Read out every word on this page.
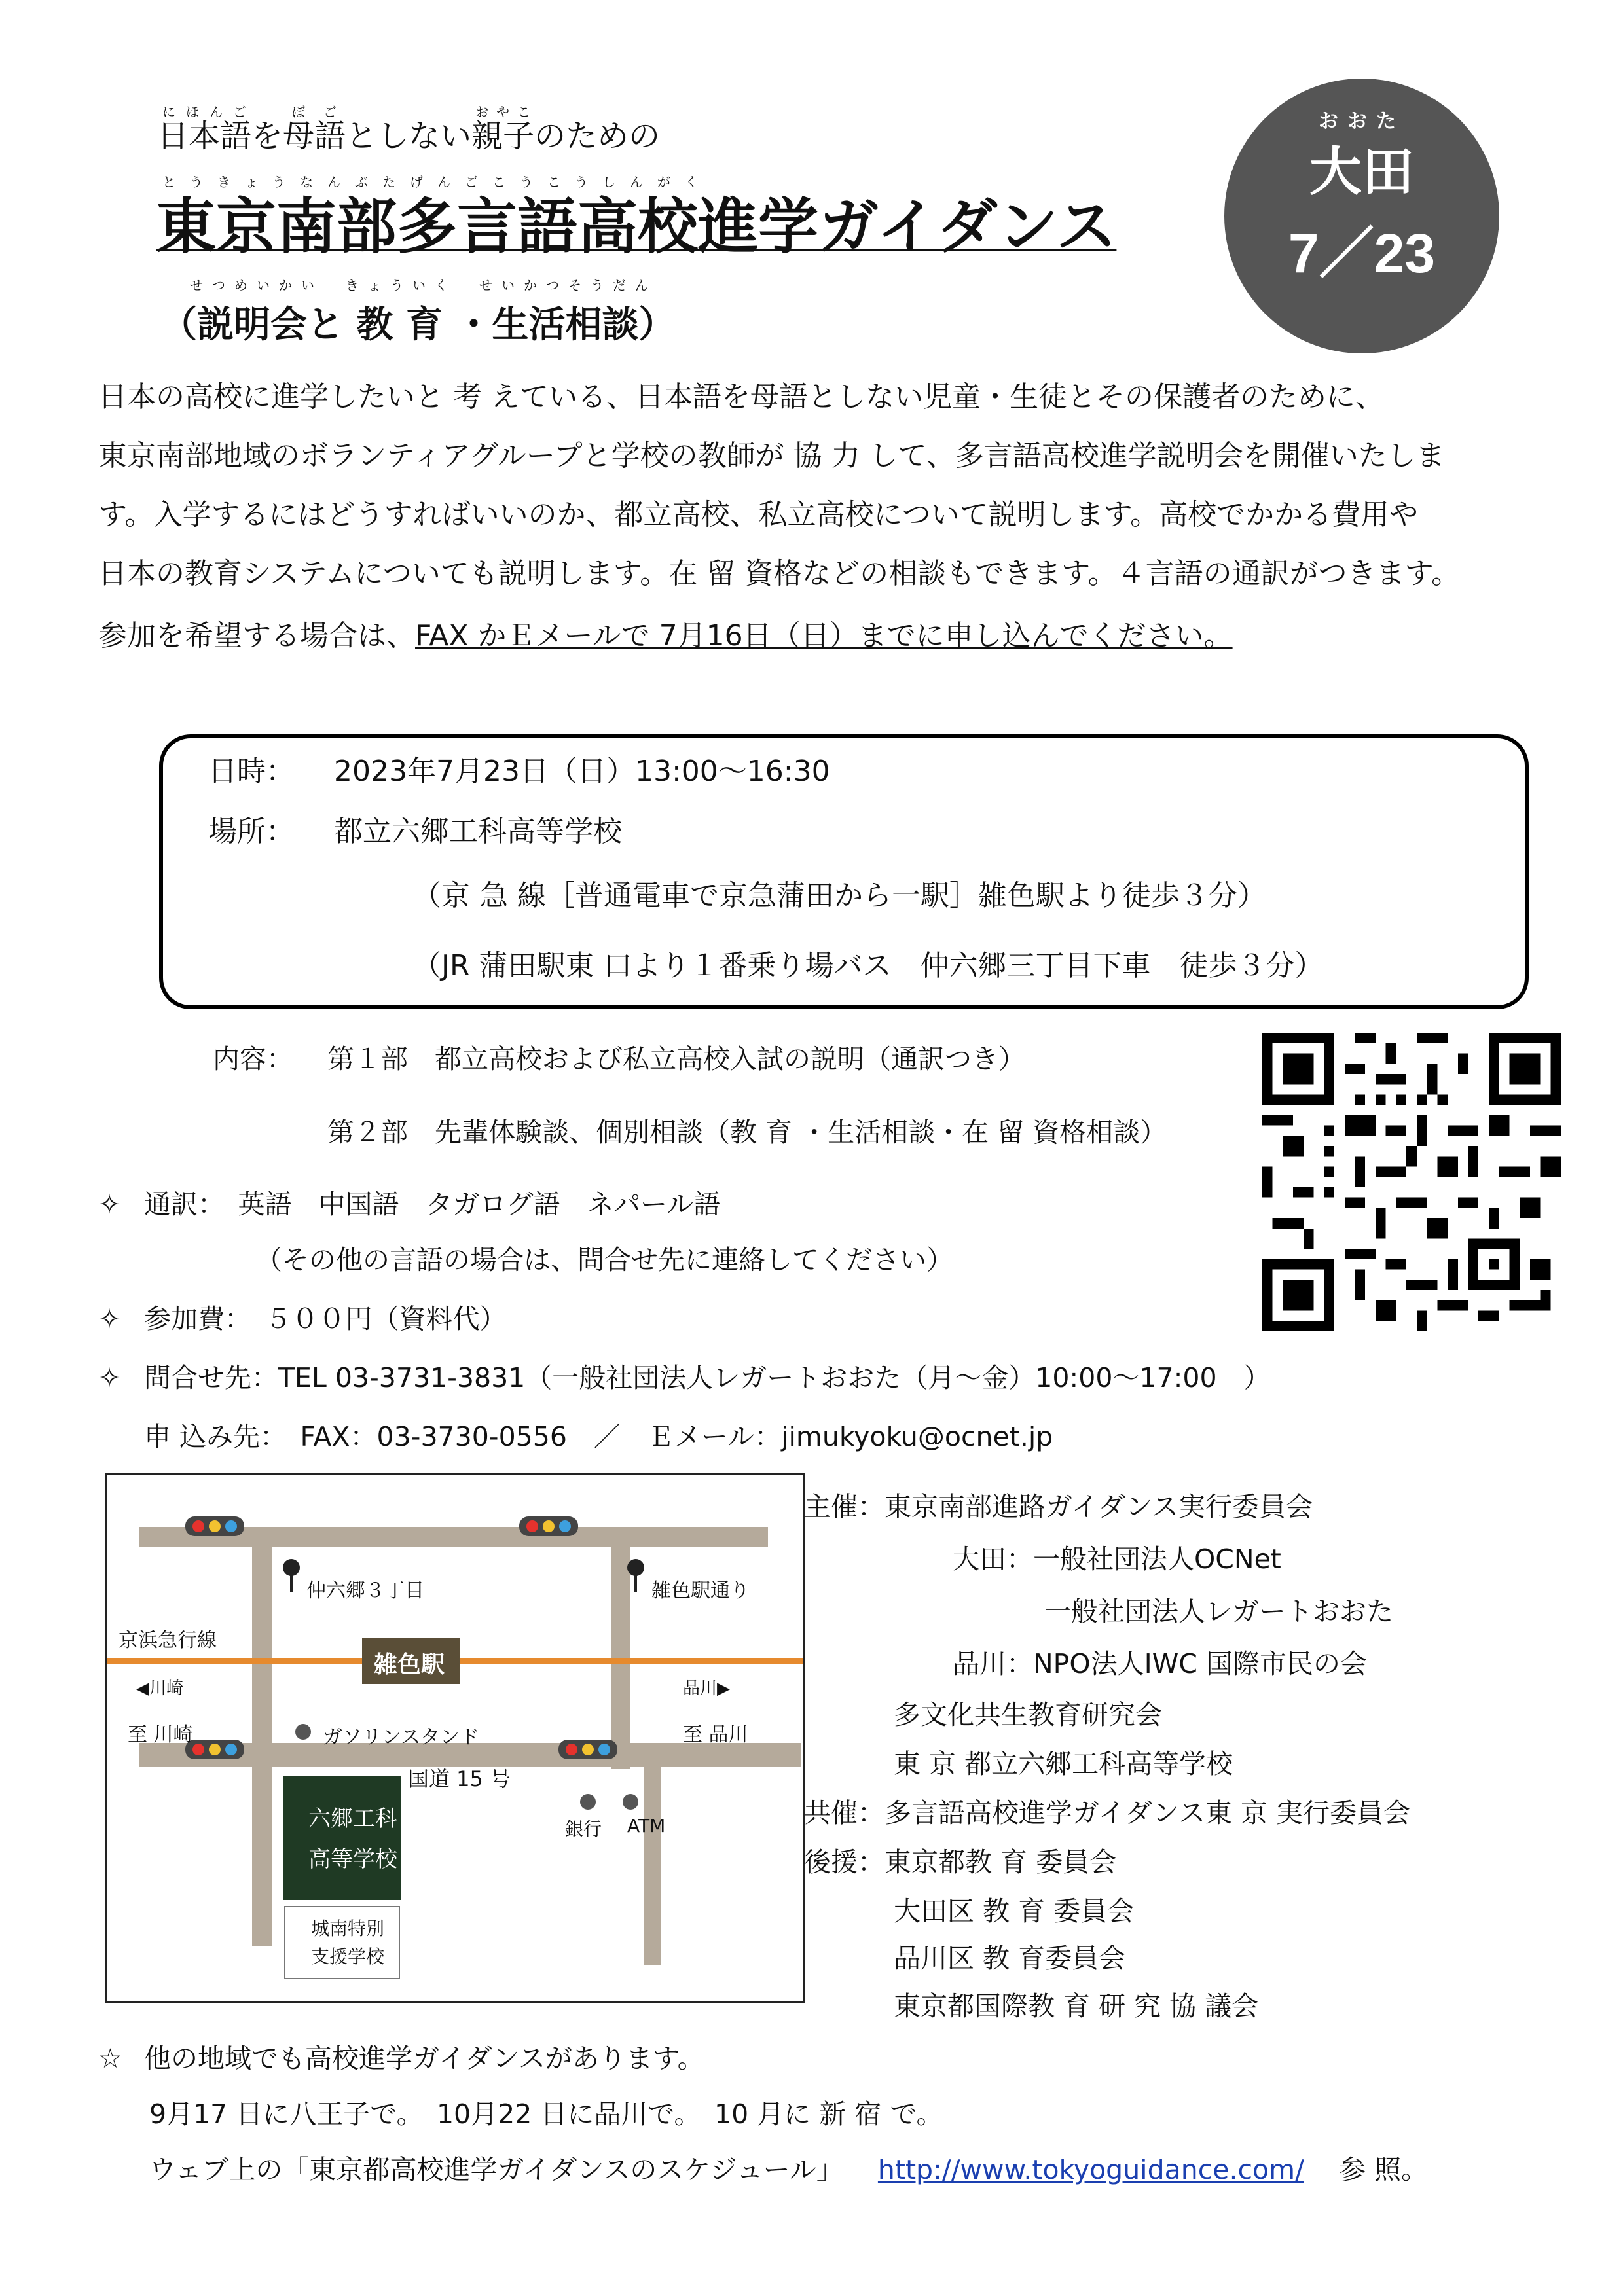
日本語にほんごを母語ぼごとしない親子おやこのための
とうきょうなんぶたげんごこうこうしんがく
東京南部多言語高校進学ガイダンス
せつめいかい　きょういく　せいかつそうだん
（説明会と 教 育 ・生活相談）
おおた
大田
7／23
日本の高校に進学したいと 考 えている、日本語を母語としない児童・生徒とその保護者のために、
東京南部地域のボランティアグループと学校の教師が 協 力 して、多言語高校進学説明会を開催いたしま
す。入学するにはどうすればいいのか、都立高校、私立高校について説明します。高校でかかる費用や
日本の教育システムについても説明します。在 留 資格などの相談もできます。４言語の通訳がつきます。
参加を希望する場合は、FAX かＥメールで 7月16日（日）までに申し込んでください。
日時： 2023年7月23日（日）13:00～16:30
場所： 都立六郷工科高等学校
（京 急 線［普通電車で京急蒲田から一駅］雑色駅より徒歩３分）
（JR 蒲田駅東 口より１番乗り場バス　仲六郷三丁目下車　徒歩３分）
内容： 第１部　都立高校および私立高校入試の説明（通訳つき）
第２部　先輩体験談、個別相談（教 育 ・生活相談・在 留 資格相談）
✧ 通訳：　英語　中国語　タガログ語　ネパール語
（その他の言語の場合は、問合せ先に連絡してください）
✧ 参加費：　５００円（資料代）
✧ 問合せ先：TEL 03-3731-3831（一般社団法人レガートおおた（月～金）10:00～17:00　）
申 込み先：　FAX：03-3730-0556　／　Ｅメール：jimukyoku@ocnet.jp
仲六郷３丁目	雑色駅通り
京浜急行線
雑色駅
◀川崎	品川▶
至 川崎	ガソリンスタンド	至 品川
国道 15 号
六郷工科
高等学校
銀行 ATM
城南特別
支援学校
主催：東京南部進路ガイダンス実行委員会
大田：一般社団法人OCNet
一般社団法人レガートおおた
品川：NPO法人IWC 国際市民の会
多文化共生教育研究会
東 京 都立六郷工科高等学校
共催：多言語高校進学ガイダンス東 京 実行委員会
後援：東京都教 育 委員会
大田区 教 育 委員会
品川区 教 育委員会
東京都国際教 育 研 究 協 議会
☆ 他の地域でも高校進学ガイダンスがあります。
9月17 日に八王子で。　10月22 日に品川で。　10 月に 新 宿 で。
ウェブ上の「東京都高校進学ガイダンスのスケジュール」 http://www.tokyoguidance.com/ 参 照。
